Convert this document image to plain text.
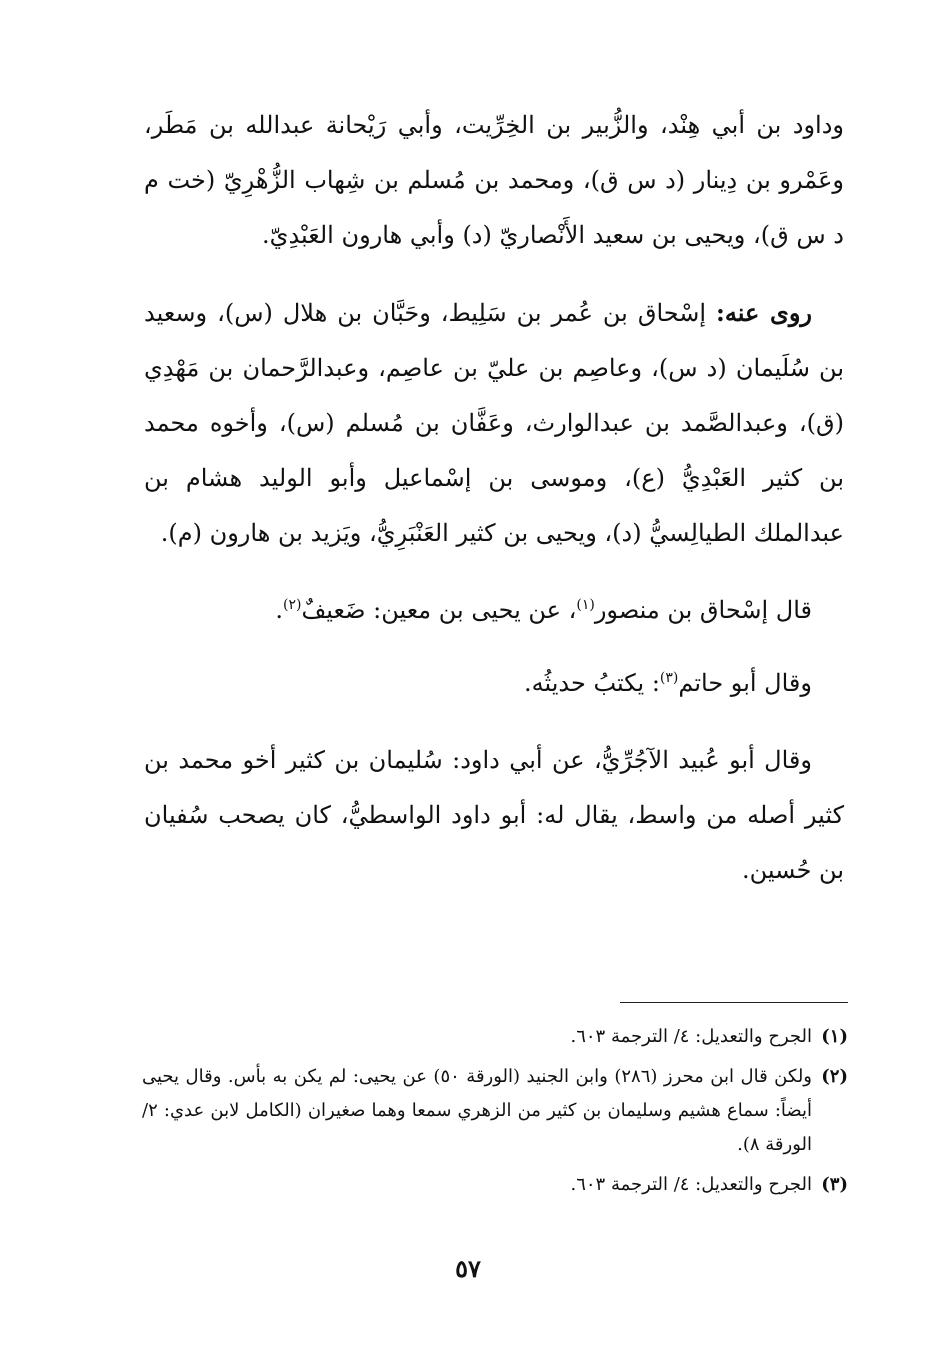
وداود بن أبي هِنْد، والزُّبير بن الخِرِّيت، وأبي رَيْحانة عبدالله بن مَطَر، وعَمْرو بن دِينار (د س ق)، ومحمد بن مُسلم بن شِهاب الزُّهْرِيّ (خت م د س ق)، ويحيى بن سعيد الأَنْصاريّ (د) وأبي هارون العَبْدِيّ.

روى عنه: إسْحاق بن عُمر بن سَلِيط، وحَبَّان بن هلال (س)، وسعيد بن سُلَيمان (د س)، وعاصِم بن عليّ بن عاصِم، وعبدالرَّحمان بن مَهْدِي (ق)، وعبدالصَّمد بن عبدالوارث، وعَفَّان بن مُسلم (س)، وأخوه محمد بن كثير العَبْدِيُّ (ع)، وموسى بن إسْماعيل وأبو الوليد هشام بن عبدالملك الطيالِسيُّ (د)، ويحيى بن كثير العَنْبَرِيُّ، ويَزيد بن هارون (م).

قال إسْحاق بن منصور$^{(١)}$، عن يحيى بن معين: ضَعيفٌ$^{(٢)}$.

وقال أبو حاتم$^{(٣)}$: يكتبُ حديثُه.

وقال أبو عُبيد الآجُرِّيُّ، عن أبي داود: سُليمان بن كثير أخو محمد بن كثير أصله من واسط، يقال له: أبو داود الواسطيُّ، كان يصحب سُفيان بن حُسين.

(١)
الجرح والتعديل: ٤/ الترجمة ٦٠٣.
(٢)
ولكن قال ابن محرز (٢٨٦) وابن الجنيد (الورقة ٥٠) عن يحيى: لم يكن به بأس. وقال يحيى أيضاً: سماع هشيم وسليمان بن كثير من الزهري سمعا وهما صغيران (الكامل لابن عدي: ٢/ الورقة ٨).
(٣)
الجرح والتعديل: ٤/ الترجمة ٦٠٣.
٥٧
